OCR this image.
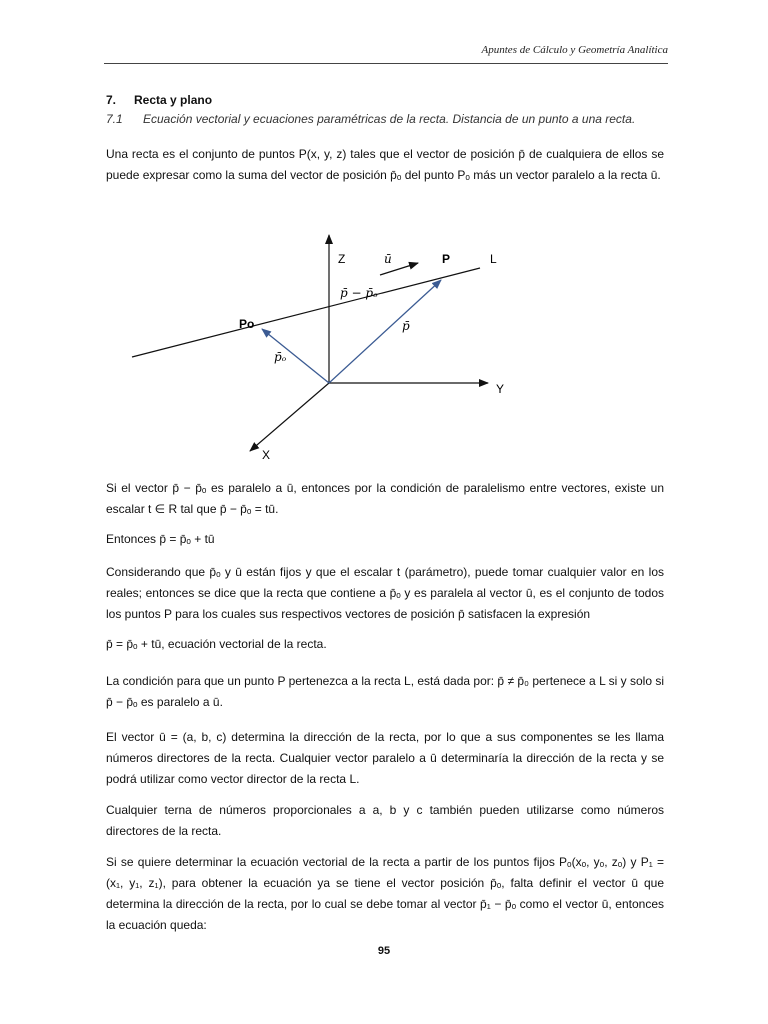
Apuntes de Cálculo y Geometría Analítica
7. Recta y plano
7.1 Ecuación vectorial y ecuaciones paramétricas de la recta. Distancia de un punto a una recta.

Una recta es el conjunto de puntos P(x, y, z) tales que el vector de posición p̄ de cualquiera de ellos se puede expresar como la suma del vector de posición p̄ₒ del punto Pₒ más un vector paralelo a la recta ū.

Z	ū	P	L
p̄ − p̄ₒ
Po	p̄
p̄ₒ
Y
X

Si el vector p̄ − p̄ₒ es paralelo a ū, entonces por la condición de paralelismo entre vectores, existe un escalar t ∈ R tal que p̄ − p̄ₒ = tū.

Entonces p̄ = p̄ₒ + tū

Considerando que p̄ₒ y ū están fijos y que el escalar t (parámetro), puede tomar cualquier valor en los reales; entonces se dice que la recta que contiene a p̄ₒ y es paralela al vector ū, es el conjunto de todos los puntos P para los cuales sus respectivos vectores de posición p̄ satisfacen la expresión

p̄ = p̄ₒ + tū, ecuación vectorial de la recta.

La condición para que un punto P pertenezca a la recta L, está dada por: p̄ ≠ p̄₀ pertenece a L si y solo si p̄ − p̄ₒ es paralelo a ū.

El vector ū = (a, b, c) determina la dirección de la recta, por lo que a sus componentes se les llama números directores de la recta. Cualquier vector paralelo a ū determinaría la dirección de la recta y se podrá utilizar como vector director de la recta L.

Cualquier terna de números proporcionales a a, b y c también pueden utilizarse como números directores de la recta.

Si se quiere determinar la ecuación vectorial de la recta a partir de los puntos fijos Pₒ(xₒ, yₒ, zₒ) y P₁ = (x₁, y₁, z₁), para obtener la ecuación ya se tiene el vector posición p̄ₒ, falta definir el vector ū que determina la dirección de la recta, por lo cual se debe tomar al vector p̄₁ − p̄ₒ como el vector ū, entonces la ecuación queda:

95
